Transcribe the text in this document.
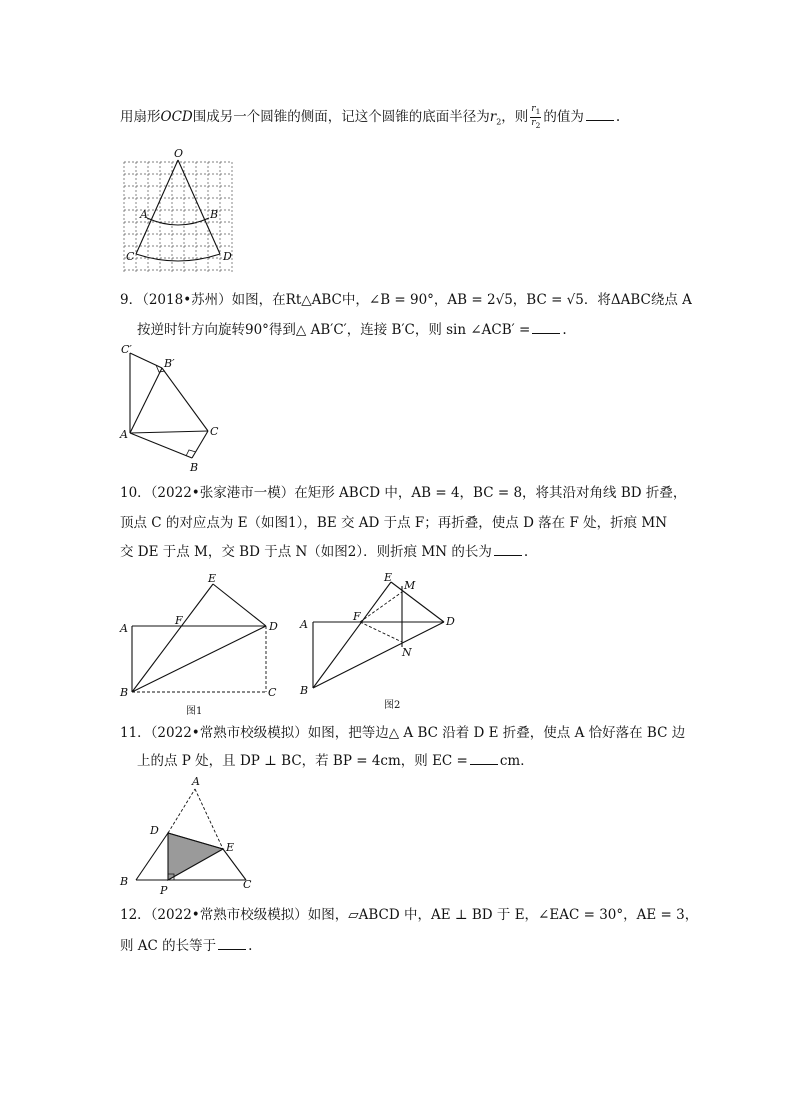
用扇形OCD围成另一个圆锥的侧面，记这个圆锥的底面半径为$r_2$，则 $\frac{r_1}{r_2}$ 的值为 .
O
A	B
C	D
9．（2018•苏州）如图，在Rt△ABC中，∠B = 90°，AB = 2√5，BC = √5．将ΔABC绕点 A
按逆时针方向旋转90°得到△ AB′C′，连接 B′C，则 sin ∠ACB′ = .
C′
B′
A	C
B
10．（2022•张家港市一模）在矩形 ABCD 中，AB = 4，BC = 8，将其沿对角线 BD 折叠，
顶点 C 的对应点为 E（如图1），BE 交 AD 于点 F；再折叠，使点 D 落在 F 处，折痕 MN
交 DE 于点 M，交 BD 于点 N（如图2）．则折痕 MN 的长为 .
E
A
F	D
B	C
图1
E
M
A
F	D
N
B
图2
11．（2022•常熟市校级模拟）如图，把等边△ A BC 沿着 D E 折叠，使点 A 恰好落在 BC 边
上的点 P 处，且 DP ⊥ BC，若 BP = 4cm，则 EC = cm．
A
D
E
B
P	C
12．（2022•常熟市校级模拟）如图，▱ABCD 中，AE ⊥ BD 于 E，∠EAC = 30°，AE = 3，
则 AC 的长等于 .
